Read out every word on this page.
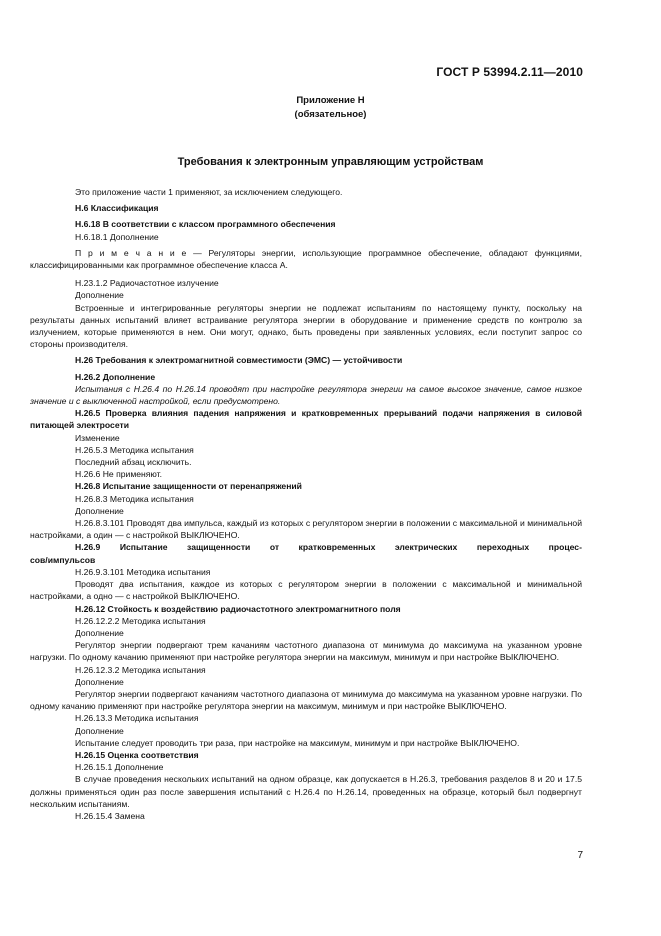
ГОСТ Р 53994.2.11—2010
Приложение Н
(обязательное)
Требования к электронным управляющим устройствам

Это приложение части 1 применяют, за исключением следующего.

Н.6 Классификация

Н.6.18 В соответствии с классом программного обеспечения

Н.6.18.1 Дополнение

П р и м е ч а н и е — Регуляторы энергии, использующие программное обеспечение, обладают функциями, классифицированными как программное обеспечение класса А.

Н.23.1.2 Радиочастотное излучение

Дополнение

Встроенные и интегрированные регуляторы энергии не подлежат испытаниям по настоящему пункту, поскольку на результаты данных испытаний влияет встраивание регулятора энергии в оборудование и применение средств по контролю за излучением, которые применяются в нем. Они могут, однако, быть проведены при заявленных условиях, если поступит запрос со стороны производителя.

Н.26 Требования к электромагнитной совместимости (ЭМС) — устойчивости

Н.26.2 Дополнение

Испытания с Н.26.4 по Н.26.14 проводят при настройке регулятора энергии на самое высокое значение, самое низкое значение и с выключенной настройкой, если предусмотрено.

Н.26.5 Проверка влияния падения напряжения и кратковременных прерываний подачи напряжения в силовой питающей электросети

Изменение

Н.26.5.3 Методика испытания

Последний абзац исключить.

Н.26.6 Не применяют.

Н.26.8 Испытание защищенности от перенапряжений

Н.26.8.3 Методика испытания

Дополнение

Н.26.8.3.101 Проводят два импульса, каждый из которых с регулятором энергии в положении с максимальной и минимальной настройками, а один — с настройкой ВЫКЛЮЧЕНО.

Н.26.9 Испытание защищенности от кратковременных электрических переходных процес-

сов/импульсов

Н.26.9.3.101 Методика испытания

Проводят два испытания, каждое из которых с регулятором энергии в положении с максимальной и минимальной настройками, а одно — с настройкой ВЫКЛЮЧЕНО.

Н.26.12 Стойкость к воздействию радиочастотного электромагнитного поля

Н.26.12.2.2 Методика испытания

Дополнение

Регулятор энергии подвергают трем качаниям частотного диапазона от минимума до максимума на указанном уровне нагрузки. По одному качанию применяют при настройке регулятора энергии на максимум, минимум и при настройке ВЫКЛЮЧЕНО.

Н.26.12.3.2 Методика испытания

Дополнение

Регулятор энергии подвергают качаниям частотного диапазона от минимума до максимума на указанном уровне нагрузки. По одному качанию применяют при настройке регулятора энергии на максимум, минимум и при настройке ВЫКЛЮЧЕНО.

Н.26.13.3 Методика испытания

Дополнение

Испытание следует проводить три раза, при настройке на максимум, минимум и при настройке ВЫКЛЮЧЕНО.

Н.26.15 Оценка соответствия

Н.26.15.1 Дополнение

В случае проведения нескольких испытаний на одном образце, как допускается в Н.26.3, требования разделов 8 и 20 и 17.5 должны применяться один раз после завершения испытаний с Н.26.4 по Н.26.14, проведенных на образце, который был подвергнут нескольким испытаниям.

Н.26.15.4 Замена

7
